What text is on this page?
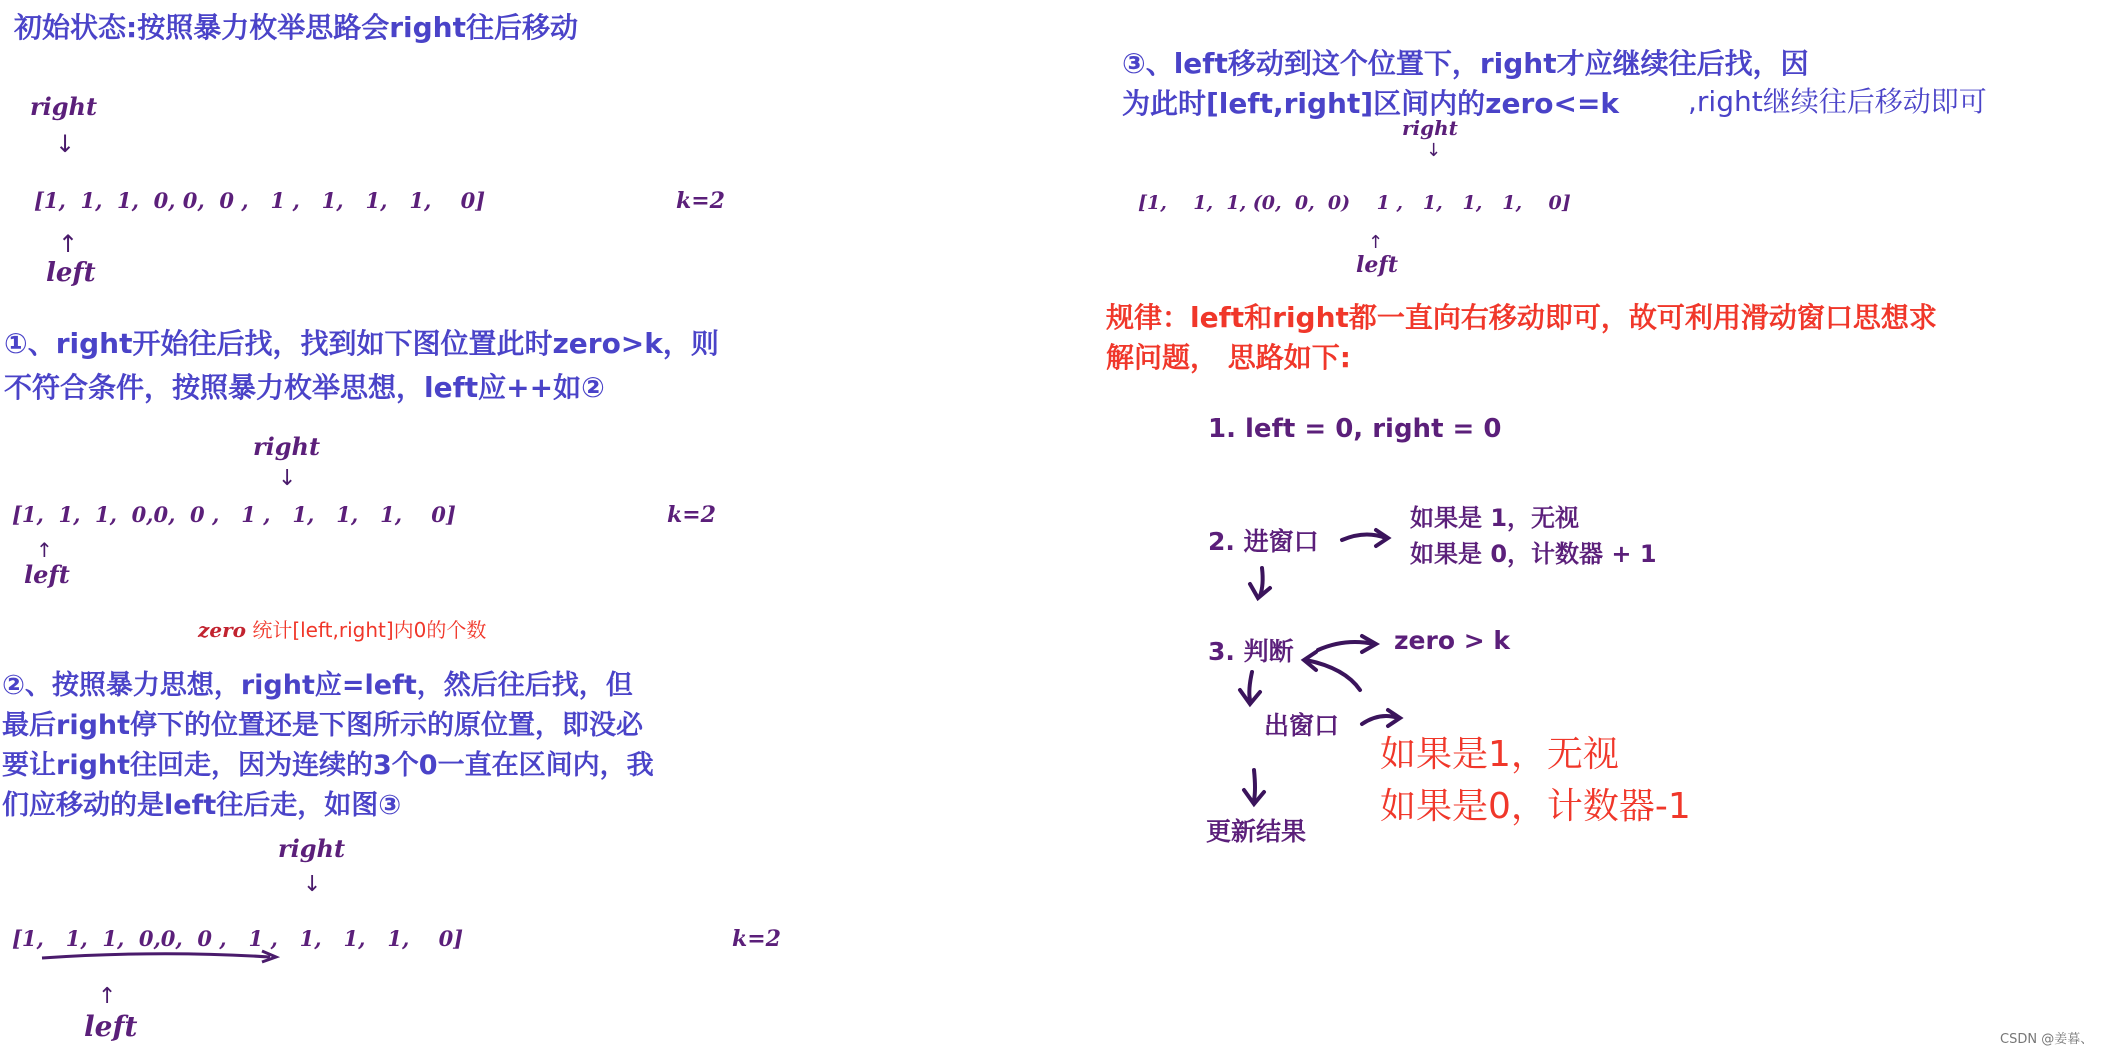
初始状态:按照暴力枚举思路会right往后移动
right
↓
[1,  1,  1,  0, 0,  0 ,   1 ,   1,   1,   1,    0]	k=2
↑
left
①、right开始往后找，找到如下图位置此时zero>k，则
不符合条件，按照暴力枚举思想，left应++如②
right
↓
[1,  1,  1,  0,0,  0 ,   1 ,   1,   1,   1,    0]	k=2
↑
left
zero 统计[left,right]内0的个数
②、按照暴力思想，right应=left，然后往后找，但
最后right停下的位置还是下图所示的原位置，即没必
要让right往回走，因为连续的3个0一直在区间内，我
们应移动的是left往后走，如图③
right
↓
[1,   1,  1,  0,0,  0 ,   1 ,   1,   1,   1,    0]	k=2
↑
left
③、left移动到这个位置下，right才应继续往后找，因
为此时[left,right]区间内的zero<=k ,right继续往后移动即可
right
↓
[1,    1,  1, (0,  0,  0)    1 ,   1,   1,   1,    0]
↑
left
规律：left和right都一直向右移动即可，故可利用滑动窗口思想求
解问题， 思路如下:
1. left = 0, right = 0
2. 进窗口
如果是 1，无视
如果是 0，计数器 + 1
3. 判断	zero > k
出窗口
如果是1，无视
如果是0，计数器-1
更新结果
CSDN @姜暮、
